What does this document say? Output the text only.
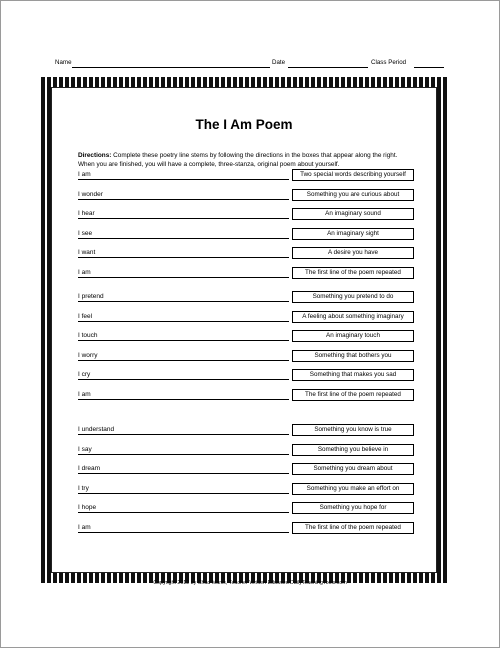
Name	Date	Class Period
The I Am Poem
Directions: Complete these poetry line stems by following the directions in the boxes that appear along the right. When you are finished, you will have a complete, three-stanza, original poem about yourself.
I am	Two special words describing yourself
I wonder	Something you are curious about
I hear	An imaginary sound
I see	An imaginary sight
I want	A desire you have
I am	The first line of the poem repeated
I pretend	Something you pretend to do
I feel	A feeling about something imaginary
I touch	An imaginary touch
I worry	Something that bothers you
I cry	Something that makes you sad
I am	The first line of the poem repeated
I understand	Something you know is true
I say	Something you believe in
I dream	Something you dream about
I try	Something you make an effort on
I hope	Something you hope for
I am	The first line of the poem repeated
Copyright 2012 by Chad Manis, Teacher-Written Eduware/DailyTeachingTools.com
